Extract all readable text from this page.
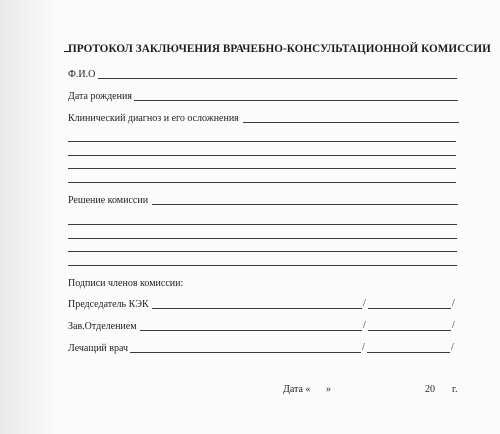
ПРОТОКОЛ ЗАКЛЮЧЕНИЯ ВРАЧЕБНО-КОНСУЛЬТАЦИОННОЙ КОМИССИИ
Ф.И.О
Дата рождения
Клинический диагноз и его осложнения
Решение комиссии
Подписи членов комиссии:
Председатель КЭК	/	/
Зав.Отделением	/	/
Лечащий врач	/	/
Дата « »	20 г.
